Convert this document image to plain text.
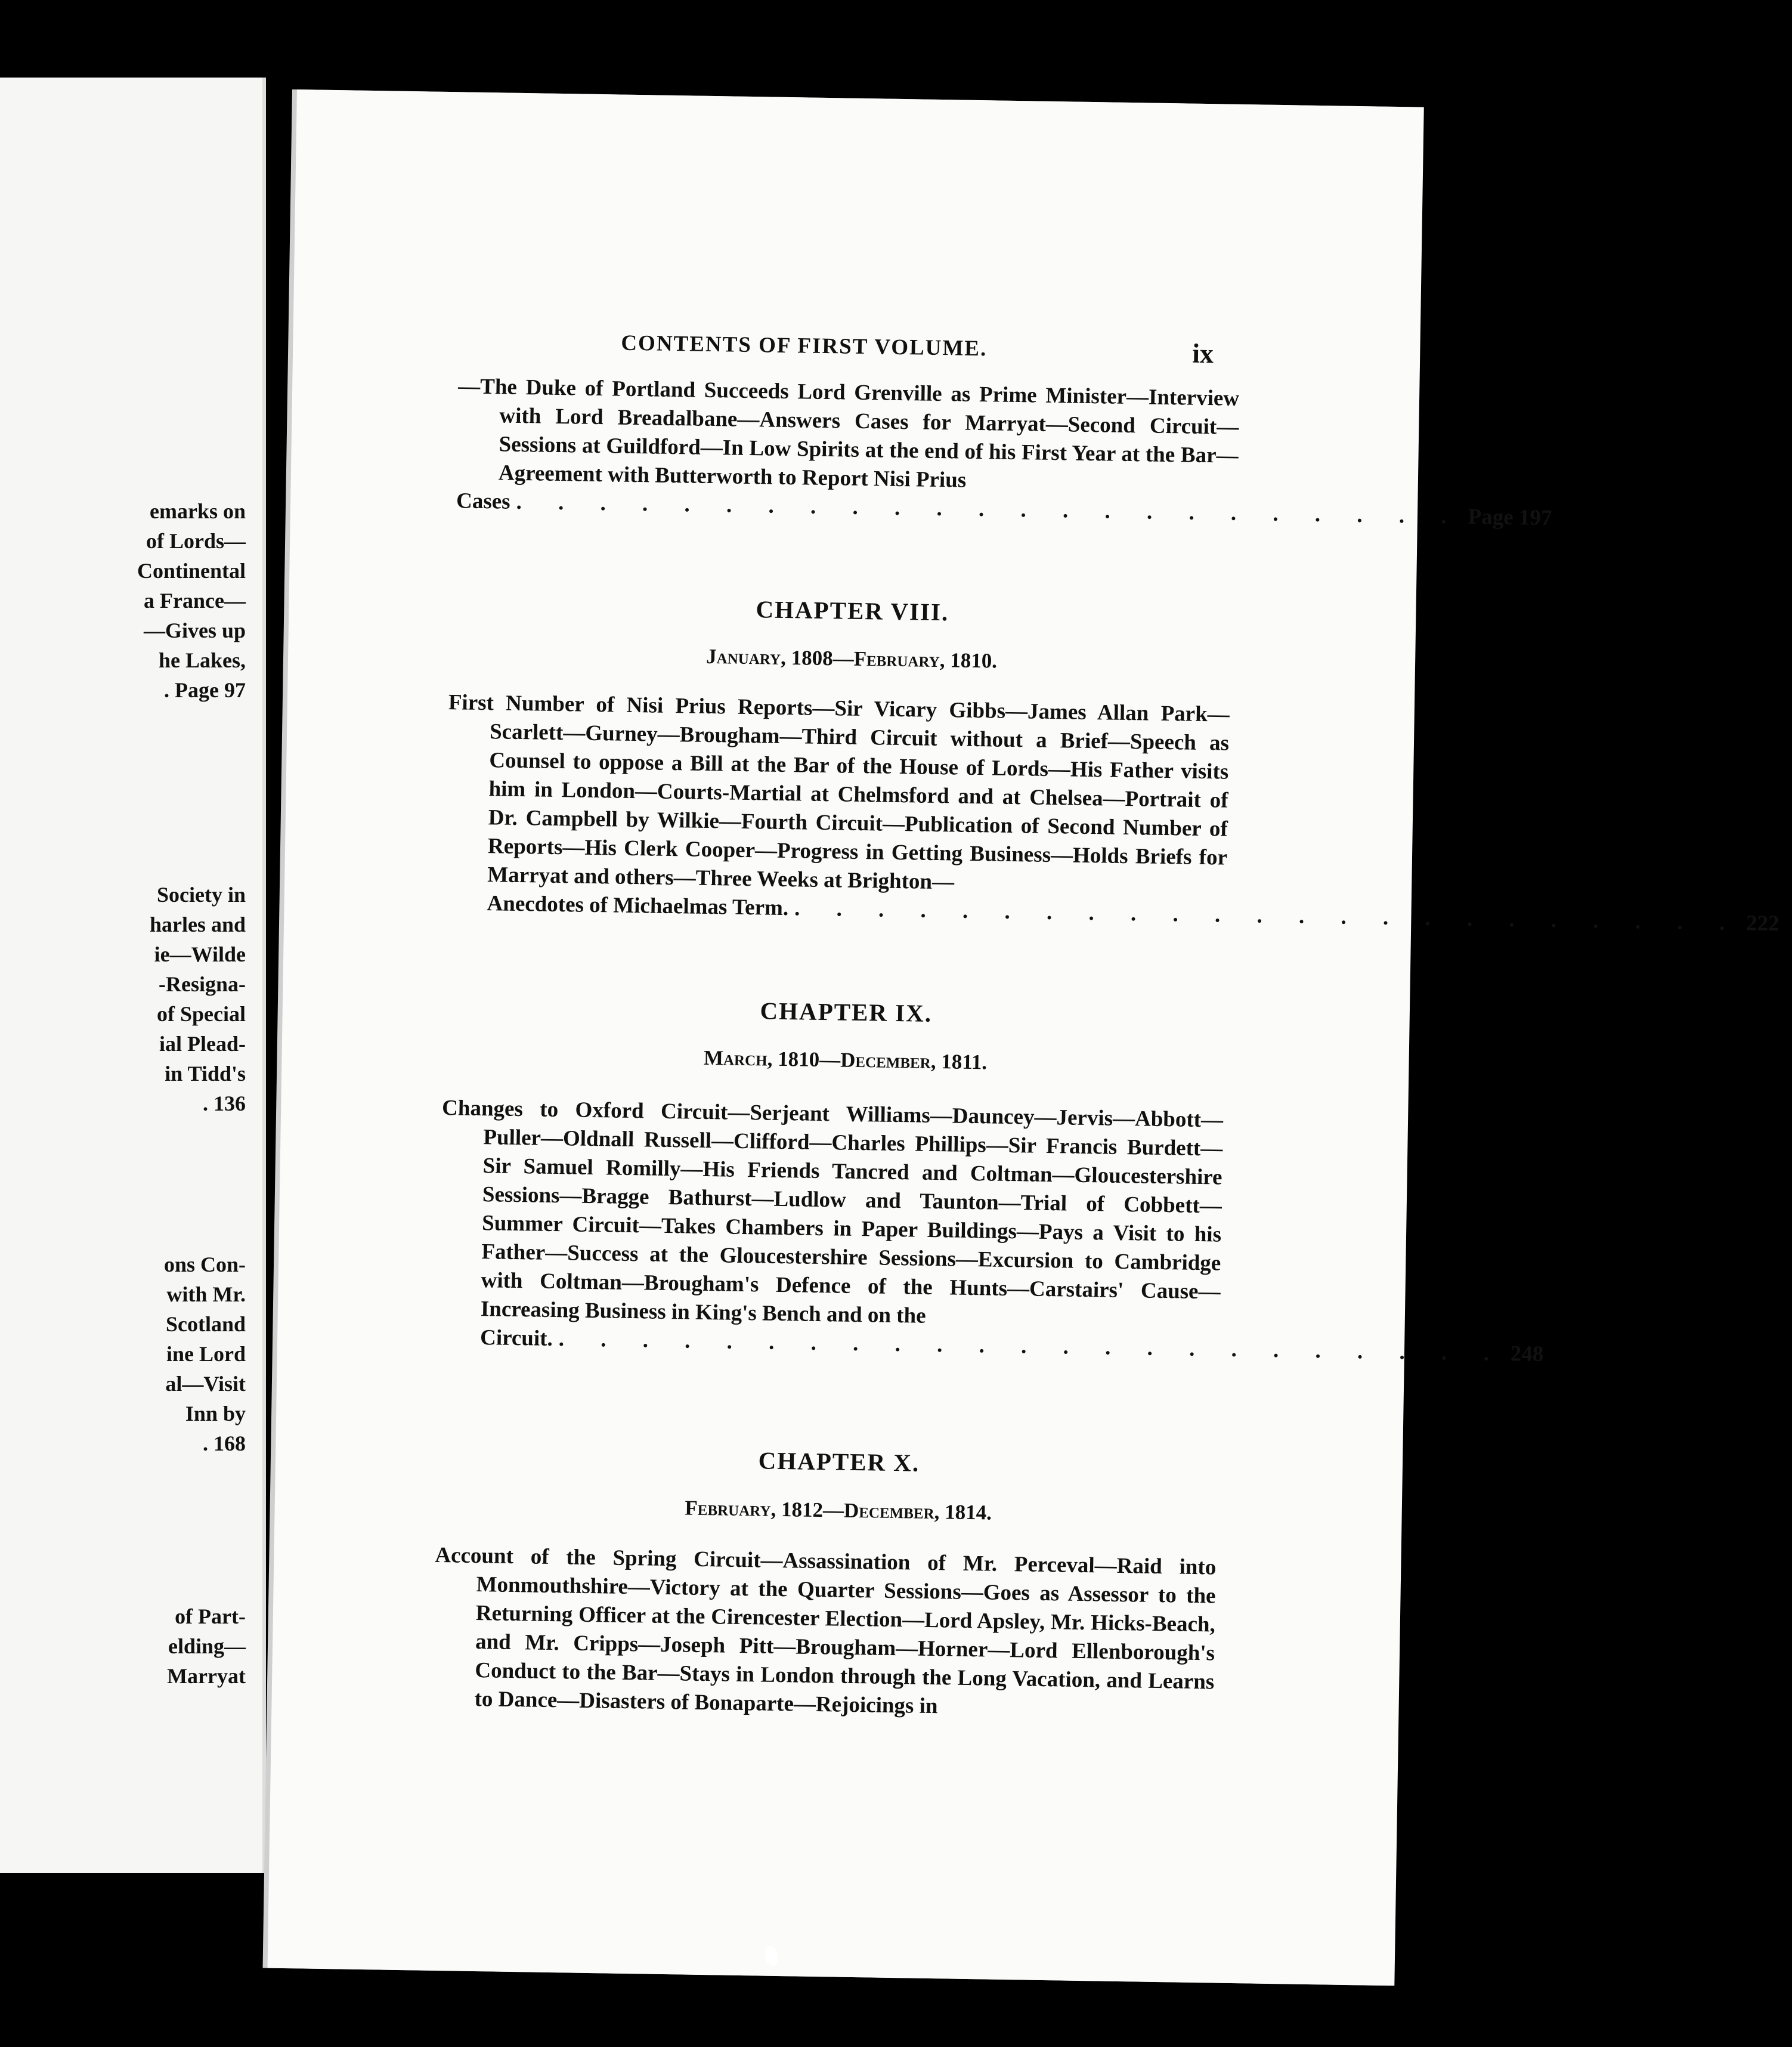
emarks on
of Lords—
Continental
a France—
—Gives up
he Lakes,
. Page 97
Society in
harles and
ie—Wilde
-Resigna-
of Special
ial Plead-
in Tidd's
. 136
ons Con-
with Mr.
Scotland
ine Lord
al—Visit
Inn by
. 168
of Part-
elding—
Marryat
CONTENTS OF FIRST VOLUME.	ix
—The Duke of Portland Succeeds Lord Grenville as Prime Minister—Interview with Lord Breadalbane—Answers Cases for Marryat—Second Circuit—Sessions at Guildford—In Low Spirits at the end of his First Year at the Bar—Agreement with Butterworth to Report Nisi Prius
Cases . . . . . . . . . . . . . . . . . . . . . . . Page 197
CHAPTER VIII.
January, 1808—February, 1810.
First Number of Nisi Prius Reports—Sir Vicary Gibbs—James Allan Park—Scarlett—Gurney—Brougham—Third Circuit without a Brief—Speech as Counsel to oppose a Bill at the Bar of the House of Lords—His Father visits him in London—Courts-Martial at Chelmsford and at Chelsea—Portrait of Dr. Campbell by Wilkie—Fourth Circuit—Publication of Second Number of Reports—His Clerk Cooper—Progress in Getting Business—Holds Briefs for Marryat and others—Three Weeks at Brighton—
Anecdotes of Michaelmas Term. . . . . . . . . . . . . . . . . . . . . . . . 222
CHAPTER IX.
March, 1810—December, 1811.
Changes to Oxford Circuit—Serjeant Williams—Dauncey—Jervis—Abbott—Puller—Oldnall Russell—Clifford—Charles Phillips—Sir Francis Burdett—Sir Samuel Romilly—His Friends Tancred and Coltman—Gloucestershire Sessions—Bragge Bathurst—Ludlow and Taunton—Trial of Cobbett—Summer Circuit—Takes Chambers in Paper Buildings—Pays a Visit to his Father—Success at the Gloucestershire Sessions—Excursion to Cambridge with Coltman—Brougham's Defence of the Hunts—Carstairs' Cause—Increasing Business in King's Bench and on the
Circuit. . . . . . . . . . . . . . . . . . . . . . . . 248
CHAPTER X.
February, 1812—December, 1814.
Account of the Spring Circuit—Assassination of Mr. Perceval—Raid into Monmouthshire—Victory at the Quarter Sessions—Goes as Assessor to the Returning Officer at the Cirencester Election—Lord Apsley, Mr. Hicks-Beach, and Mr. Cripps—Joseph Pitt—Brougham—Horner—Lord Ellenborough's Conduct to the Bar—Stays in London through the Long Vacation, and Learns to Dance—Disasters of Bonaparte—Rejoicings in
